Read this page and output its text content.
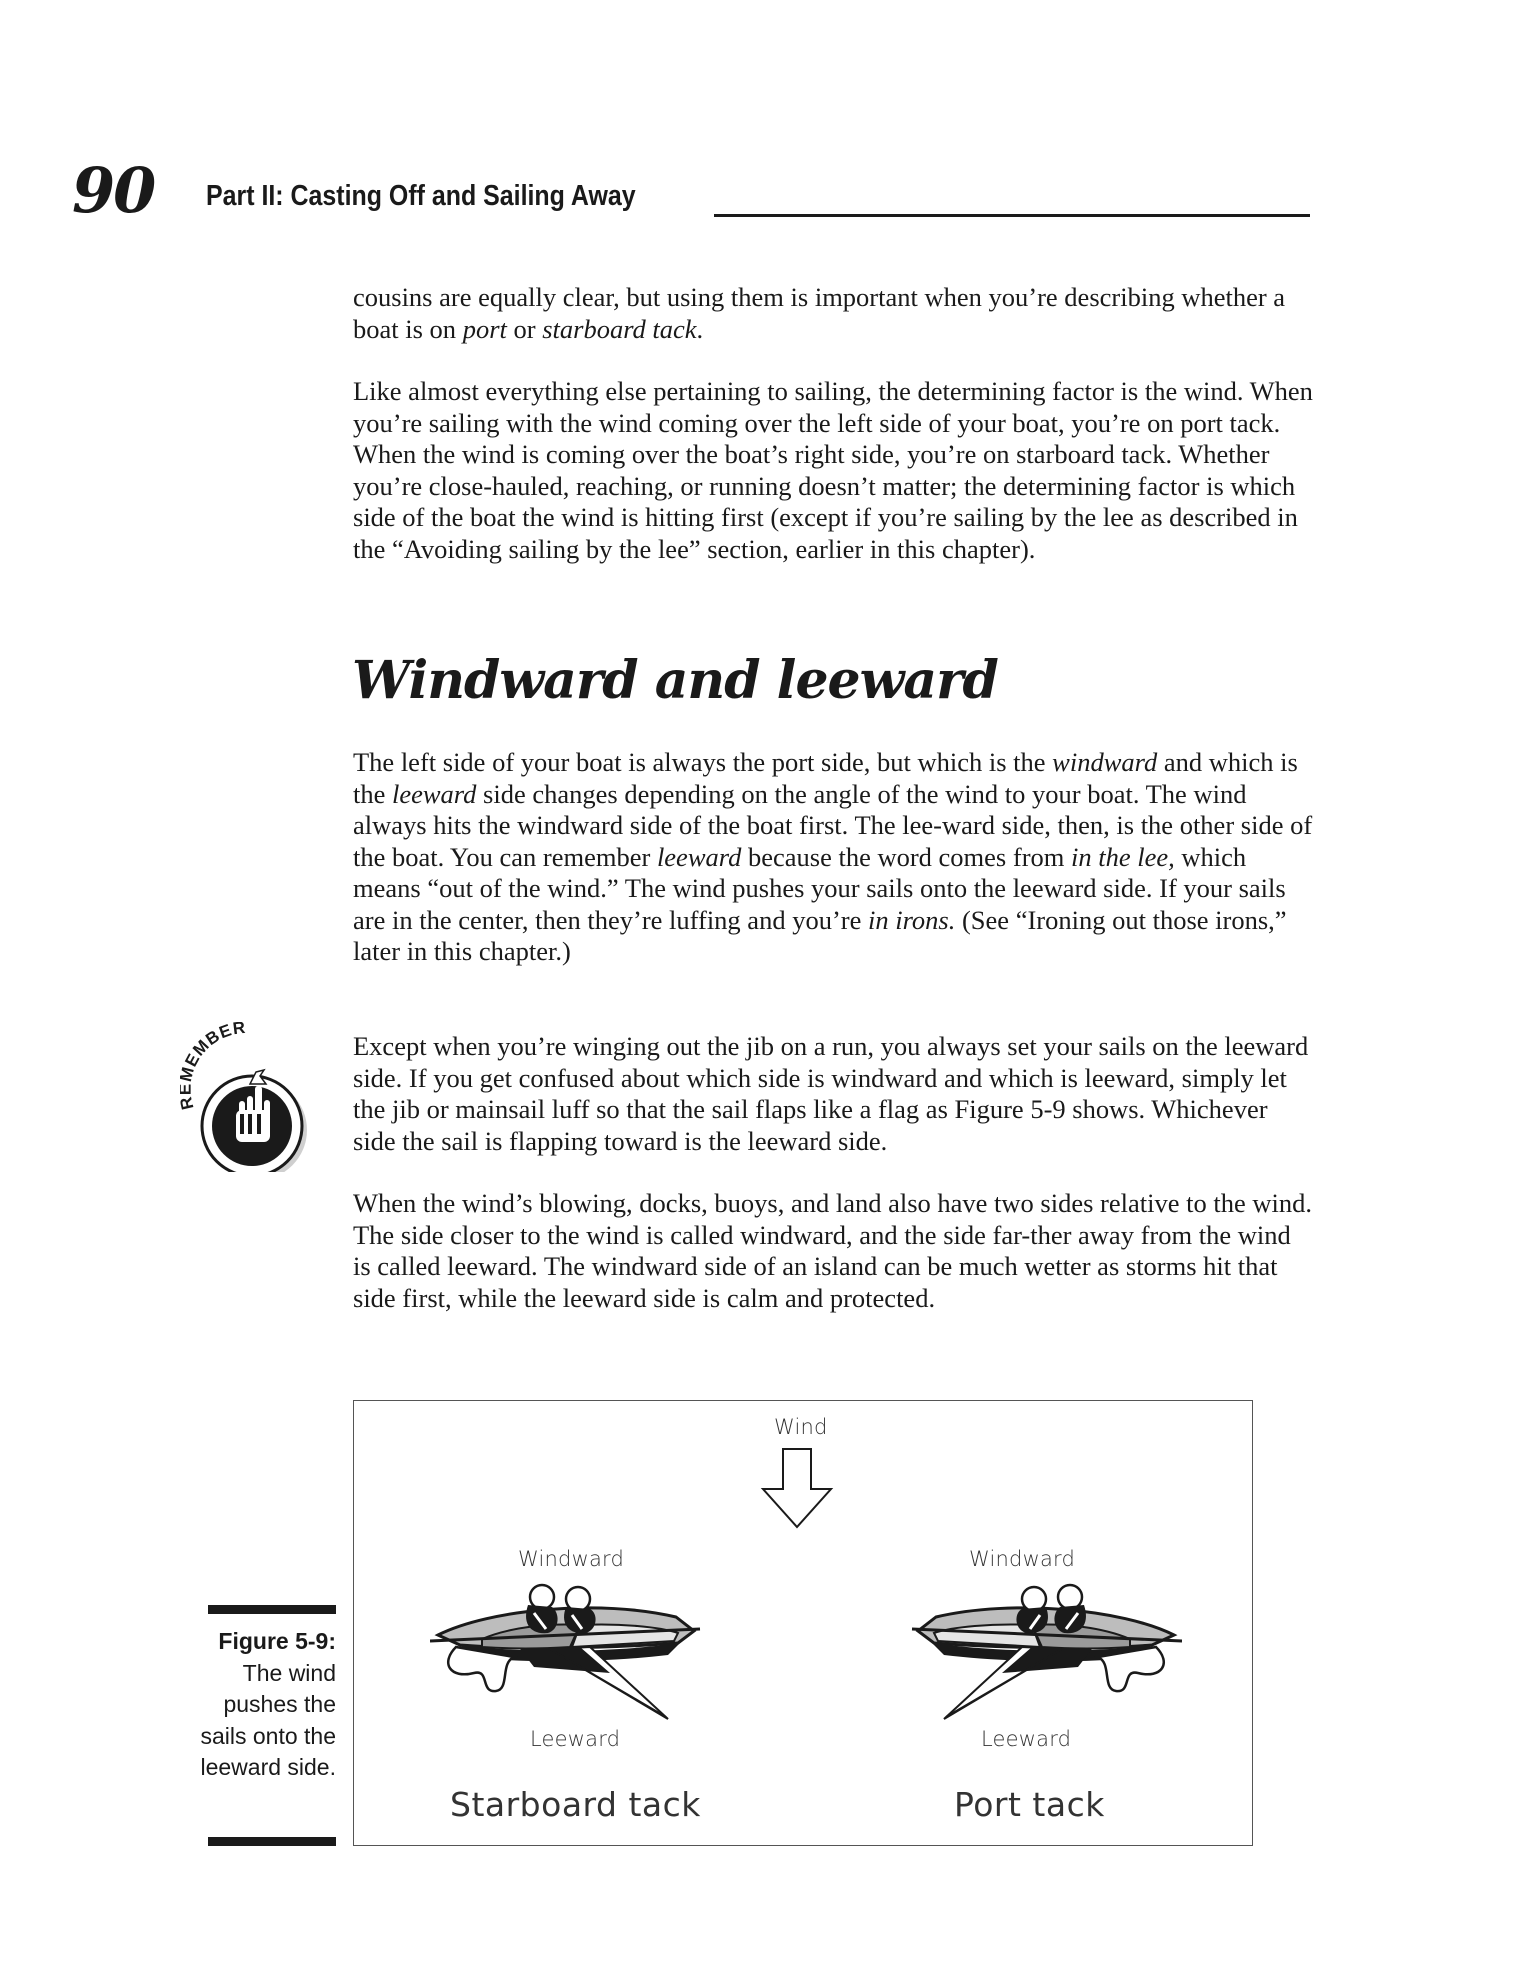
90 Part II: Casting Off and Sailing Away

cousins are equally clear, but using them is important when you’re describing whether a boat is on port or starboard tack.

Like almost everything else pertaining to sailing, the determining factor is the wind. When you’re sailing with the wind coming over the left side of your boat, you’re on port tack. When the wind is coming over the boat’s right side, you’re on starboard tack. Whether you’re close-hauled, reaching, or running doesn’t matter; the determining factor is which side of the boat the wind is hitting first (except if you’re sailing by the lee as described in the “Avoiding sailing by the lee” section, earlier in this chapter).

Windward and leeward

The left side of your boat is always the port side, but which is the windward and which is the leeward side changes depending on the angle of the wind to your boat. The wind always hits the windward side of the boat first. The lee-ward side, then, is the other side of the boat. You can remember leeward because the word comes from in the lee, which means “out of the wind.” The wind pushes your sails onto the leeward side. If your sails are in the center, then they’re luffing and you’re in irons. (See “Ironing out those irons,” later in this chapter.)

EMBER

Except when you’re winging out the jib on a run, you always set your sails on the leeward side. If you get confused about which side is windward and which is leeward, simply let the jib or mainsail luff so that the sail flaps like a flag as Figure 5-9 shows. Whichever side the sail is flapping toward is the leeward side.

When the wind’s blowing, docks, buoys, and land also have two sides relative to the wind. The side closer to the wind is called windward, and the side far-ther away from the wind is called leeward. The windward side of an island can be much wetter as storms hit that side first, while the leeward side is calm and protected.

Figure 5-9:
The wind pushes the sails onto the leeward side.
Wind
Windward
Leeward
Starboard tack
Windward
Leeward
Port tack
